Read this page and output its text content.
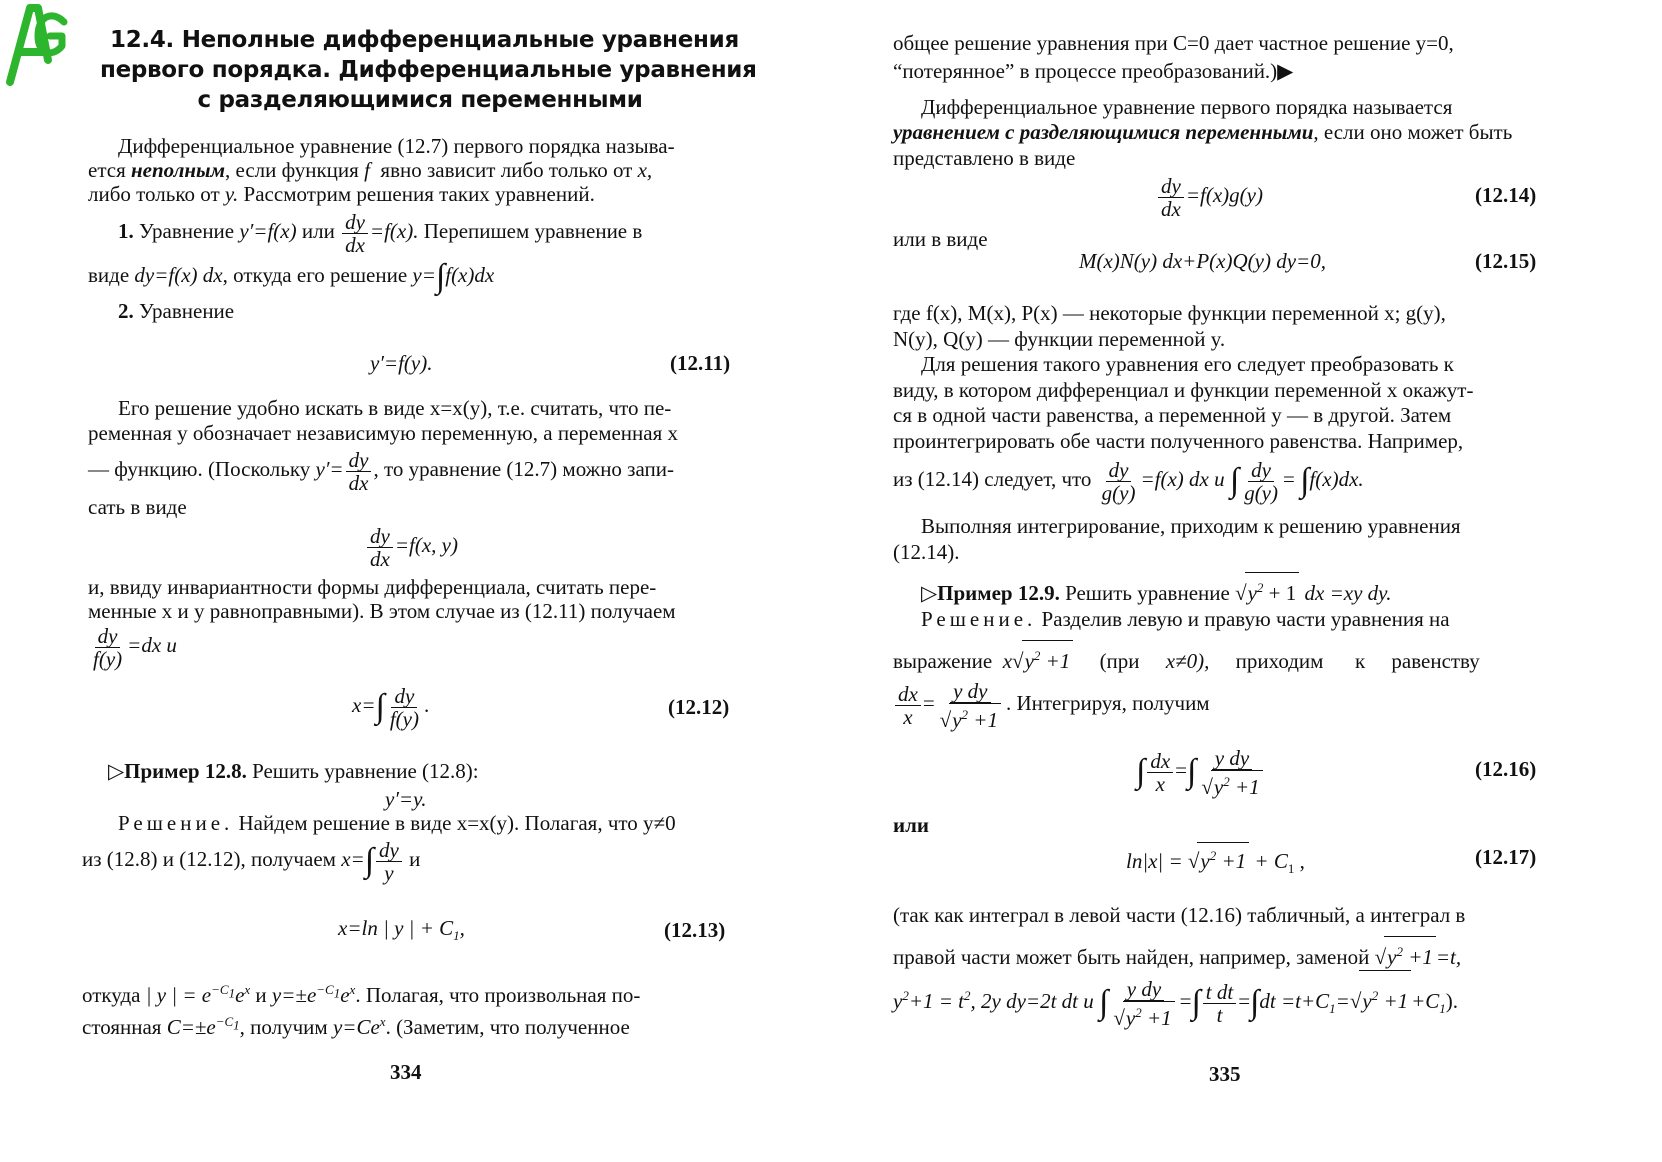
12.4. Неполные дифференциальные уравнения
первого порядка. Дифференциальные уравнения
с разделяющимися переменными
Дифференциальное уравнение (12.7) первого порядка называ-
ется неполным, если функция f явно зависит либо только от x,
либо только от y. Рассмотрим решения таких уравнений.
1. Уравнение y′=f(x) или $\frac{dy}{dx} =f(x)$. Перепишем уравнение в
виде dy=f(x) dx, откуда его решение y=∫f(x)dx
2. Уравнение
y′=f(y).	(12.11)
Его решение удобно искать в виде x=x(y), т.е. считать, что пе-
ременная y обозначает независимую переменную, а переменная x
— функцию. (Поскольку $y'= \frac{dy}{dx}$ , то уравнение (12.7) можно запи-
сать в виде
$\frac{dy}{dx} =f(x$, y)
и, ввиду инвариантности формы дифференциала, считать пере-
менные x и y равноправными). В этом случае из (12.11) получаем
$\frac{dy}{f(y)} =dx$ и
$x=\int \frac{dy}{f(y)}$ .	(12.12)
▷Пример 12.8. Решить уравнение (12.8):
y′=y.
Решение. Найдем решение в виде x=x(y). Полагая, что y≠0
из (12.8) и (12.12), получаем $x=\int \frac{dy}{y}$ и
x=ln | y | + $C_1$,	(12.13)
откуда | y | = $e^{-C_1}e^x$ и $y=\pm e^{-C_1}e^x$. Полагая, что произвольная по-
стоянная $C=\pm e^{-C_1}$, получим $y=Ce^x$. (Заметим, что полученное
334
общее решение уравнения при C=0 дает частное решение y=0,
“потерянное” в процессе преобразований.)▶
Дифференциальное уравнение первого порядка называется
уравнением с разделяющимися переменными, если оно может быть
представлено в виде
$\frac{dy}{dx} =f(x)g(y)$	(12.14)
или в виде
M(x)N(y) dx+P(x)Q(y) dy=0,	(12.15)
где f(x), M(x), P(x) — некоторые функции переменной x; g(y),
N(y), Q(y) — функции переменной y.
Для решения такого уравнения его следует преобразовать к
виду, в котором дифференциал и функции переменной x окажут-
ся в одной части равенства, а переменной y — в другой. Затем
проинтегрировать обе части полученного равенства. Например,
из (12.14) следует, что $\frac{dy}{g(y)} =f(x)$ dx и ∫ $\frac{dy}{g(y)} = \int f(x)dx$.
Выполняя интегрирование, приходим к решению уравнения
(12.14).
▷Пример 12.9. Решить уравнение $√y^2 + 1$ dx =xy dy.
Решение. Разделив левую и правую части уравнения на
выражение $x√y^2 +1$ (при x≠0), приходим к равенству
$\frac{dx}{x} = \frac{\text{y dy}}{√y^2 +1}$ . Интегрируя, получим
∫ $\frac{dx}{x}$ =∫ $\frac{\text{y dy}}{√y^2 +1}$	(12.16)
или
$\ln|x| = √y^2 +1 + C_1$ ,	(12.17)
(так как интеграл в левой части (12.16) табличный, а интеграл в
правой части может быть найден, например, заменой $√y^2 +1 =t$,
$y^2+1 = t^2$, 2y dy=2t dt и ∫ $\frac{\text{y dy}}{√y^2 +1}$ =∫ $\frac{\text{t dt}}{t} =\int dt =t+C_1=√y^2 +1 +C_1$).
335
